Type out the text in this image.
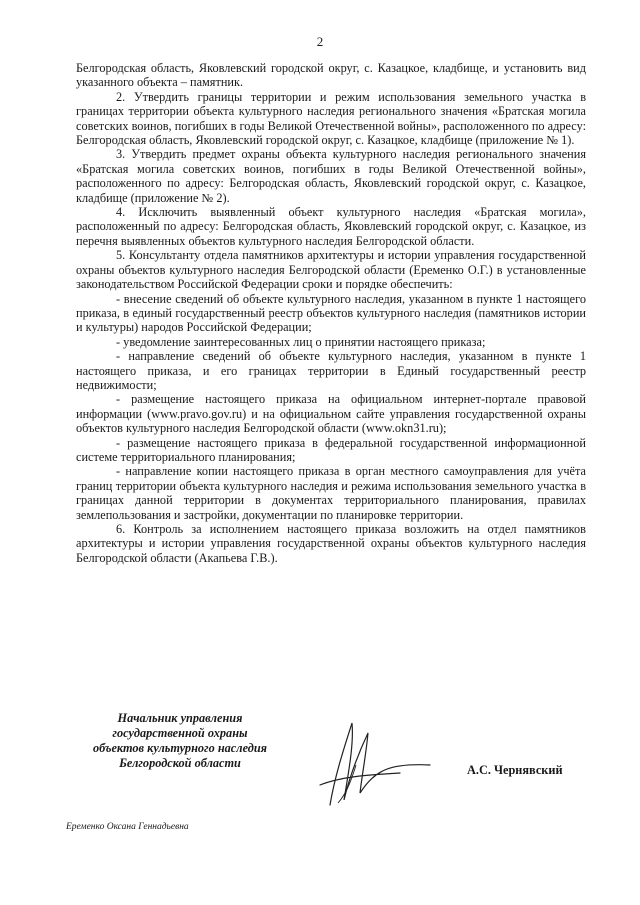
2

Белгородская область, Яковлевский городской округ, с. Казацкое, кладбище, и установить вид указанного объекта – памятник.

2. Утвердить границы территории и режим использования земельного участка в границах территории объекта культурного наследия регионального значения «Братская могила советских воинов, погибших в годы Великой Отечественной войны», расположенного по адресу: Белгородская область, Яковлевский городской округ, с. Казацкое, кладбище (приложение № 1).

3. Утвердить предмет охраны объекта культурного наследия регионального значения «Братская могила советских воинов, погибших в годы Великой Отечественной войны», расположенного по адресу: Белгородская область, Яковлевский городской округ, с. Казацкое, кладбище (приложение № 2).

4. Исключить выявленный объект культурного наследия «Братская могила», расположенный по адресу: Белгородская область, Яковлевский городской округ, с. Казацкое, из перечня выявленных объектов культурного наследия Белгородской области.

5. Консультанту отдела памятников архитектуры и истории управления государственной охраны объектов культурного наследия Белгородской области (Еременко О.Г.) в установленные законодательством Российской Федерации сроки и порядке обеспечить:

- внесение сведений об объекте культурного наследия, указанном в пункте 1 настоящего приказа, в единый государственный реестр объектов культурного наследия (памятников истории и культуры) народов Российской Федерации;

- уведомление заинтересованных лиц о принятии настоящего приказа;

- направление сведений об объекте культурного наследия, указанном в пункте 1 настоящего приказа, и его границах территории в Единый государственный реестр недвижимости;

- размещение настоящего приказа на официальном интернет-портале правовой информации (www.pravo.gov.ru) и на официальном сайте управления государственной охраны объектов культурного наследия Белгородской области (www.okn31.ru);

- размещение настоящего приказа в федеральной государственной информационной системе территориального планирования;

- направление копии настоящего приказа в орган местного самоуправления для учёта границ территории объекта культурного наследия и режима использования земельного участка в границах данной территории в документах территориального планирования, правилах землепользования и застройки, документации по планировке территории.

6. Контроль за исполнением настоящего приказа возложить на отдел памятников архитектуры и истории управления государственной охраны объектов культурного наследия Белгородской области (Акапьева Г.В.).

Начальник управления
государственной охраны
объектов культурного наследия
Белгородской области	А.С. Чернявский
Еременко Оксана Геннадьевна
